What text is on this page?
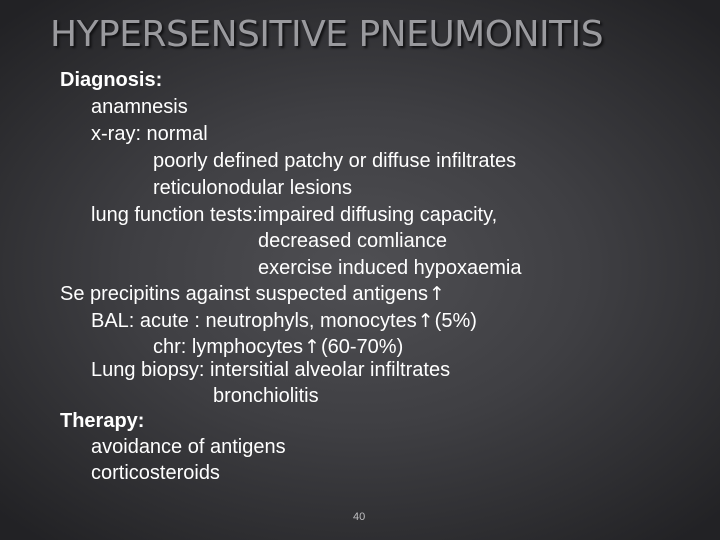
HYPERSENSITIVE PNEUMONITIS
Diagnosis:
anamnesis
x-ray: normal
poorly defined patchy or diffuse infiltrates
reticulonodular lesions
lung function tests:impaired diffusing capacity,
decreased comliance
exercise induced hypoxaemia
Se precipitins against suspected antigens↑
BAL: acute : neutrophyls, monocytes↑(5%)
chr: lymphocytes↑(60-70%)
Lung biopsy: intersitial alveolar infiltrates
bronchiolitis
Therapy:
avoidance of antigens
corticosteroids
40
